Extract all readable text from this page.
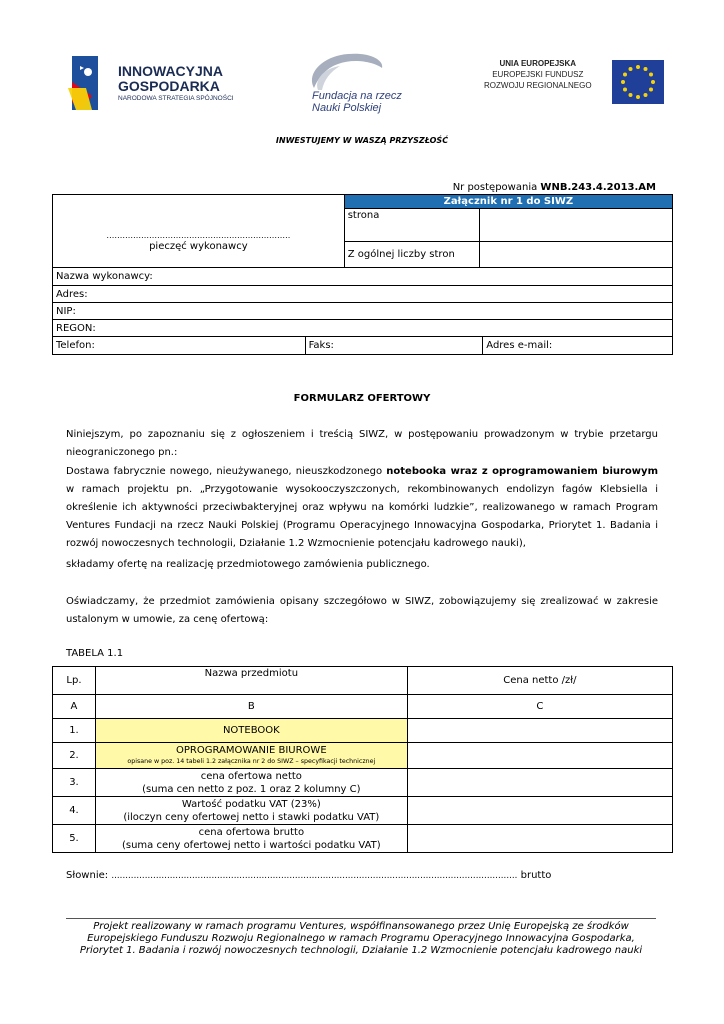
INNOWACYJNA
GOSPODARKA
NARODOWA STRATEGIA SPÓJNOŚCI
FNP
Fundacja na rzecz
Nauki Polskiej
UNIA EUROPEJSKA
EUROPEJSKI FUNDUSZ
ROZWOJU REGIONALNEGO
INWESTUJEMY W WASZĄ PRZYSZŁOŚĆ
Nr postępowania WNB.243.4.2013.AM
……………………………………………………………
pieczęć wykonawcy	Załącznik nr 1 do SIWZ	
	strona	
	Z ogólnej liczby stron	
Nazwa wykonawcy:
Adres:
NIP:
REGON:
Telefon:	Faks:	Adres e-mail:
FORMULARZ OFERTOWY
Niniejszym, po zapoznaniu się z ogłoszeniem i treścią SIWZ, w postępowaniu prowadzonym w trybie przetargu nieograniczonego pn.:
Dostawa fabrycznie nowego, nieużywanego, nieuszkodzonego notebooka wraz z oprogramowaniem biurowym w ramach projektu pn. „Przygotowanie wysokooczyszczonych, rekombinowanych endolizyn fagów Klebsiella i określenie ich aktywności przeciwbakteryjnej oraz wpływu na komórki ludzkie”, realizowanego w ramach Program Ventures Fundacji na rzecz Nauki Polskiej (Programu Operacyjnego Innowacyjna Gospodarka, Priorytet 1. Badania i rozwój nowoczesnych technologii, Działanie 1.2 Wzmocnienie potencjału kadrowego nauki),
składamy ofertę na realizację przedmiotowego zamówienia publicznego.
Oświadczamy, że przedmiot zamówienia opisany szczegółowo w SIWZ, zobowiązujemy się zrealizować w zakresie ustalonym w umowie, za cenę ofertową:
TABELA 1.1
Lp.	Nazwa przedmiotu	Cena netto /zł/
A	B	C
1.	NOTEBOOK	
2.	OPROGRAMOWANIE BIUROWE
opisane w poz. 14 tabeli 1.2 załącznika nr 2 do SIWZ – specyfikacji technicznej	

3.	cena ofertowa netto
(suma cen netto z poz. 1 oraz 2 kolumny C)	

4.	Wartość podatku VAT (23%)
(iloczyn ceny ofertowej netto i stawki podatku VAT)	

5.	cena ofertowa brutto
(suma ceny ofertowej netto i wartości podatku VAT)	

Słownie: .................................................................................................................................................. brutto
Projekt realizowany w ramach programu Ventures, współfinansowanego przez Unię Europejską ze środków Europejskiego Funduszu Rozwoju Regionalnego w ramach Programu Operacyjnego Innowacyjna Gospodarka, Priorytet 1. Badania i rozwój nowoczesnych technologii, Działanie 1.2 Wzmocnienie potencjału kadrowego nauki
